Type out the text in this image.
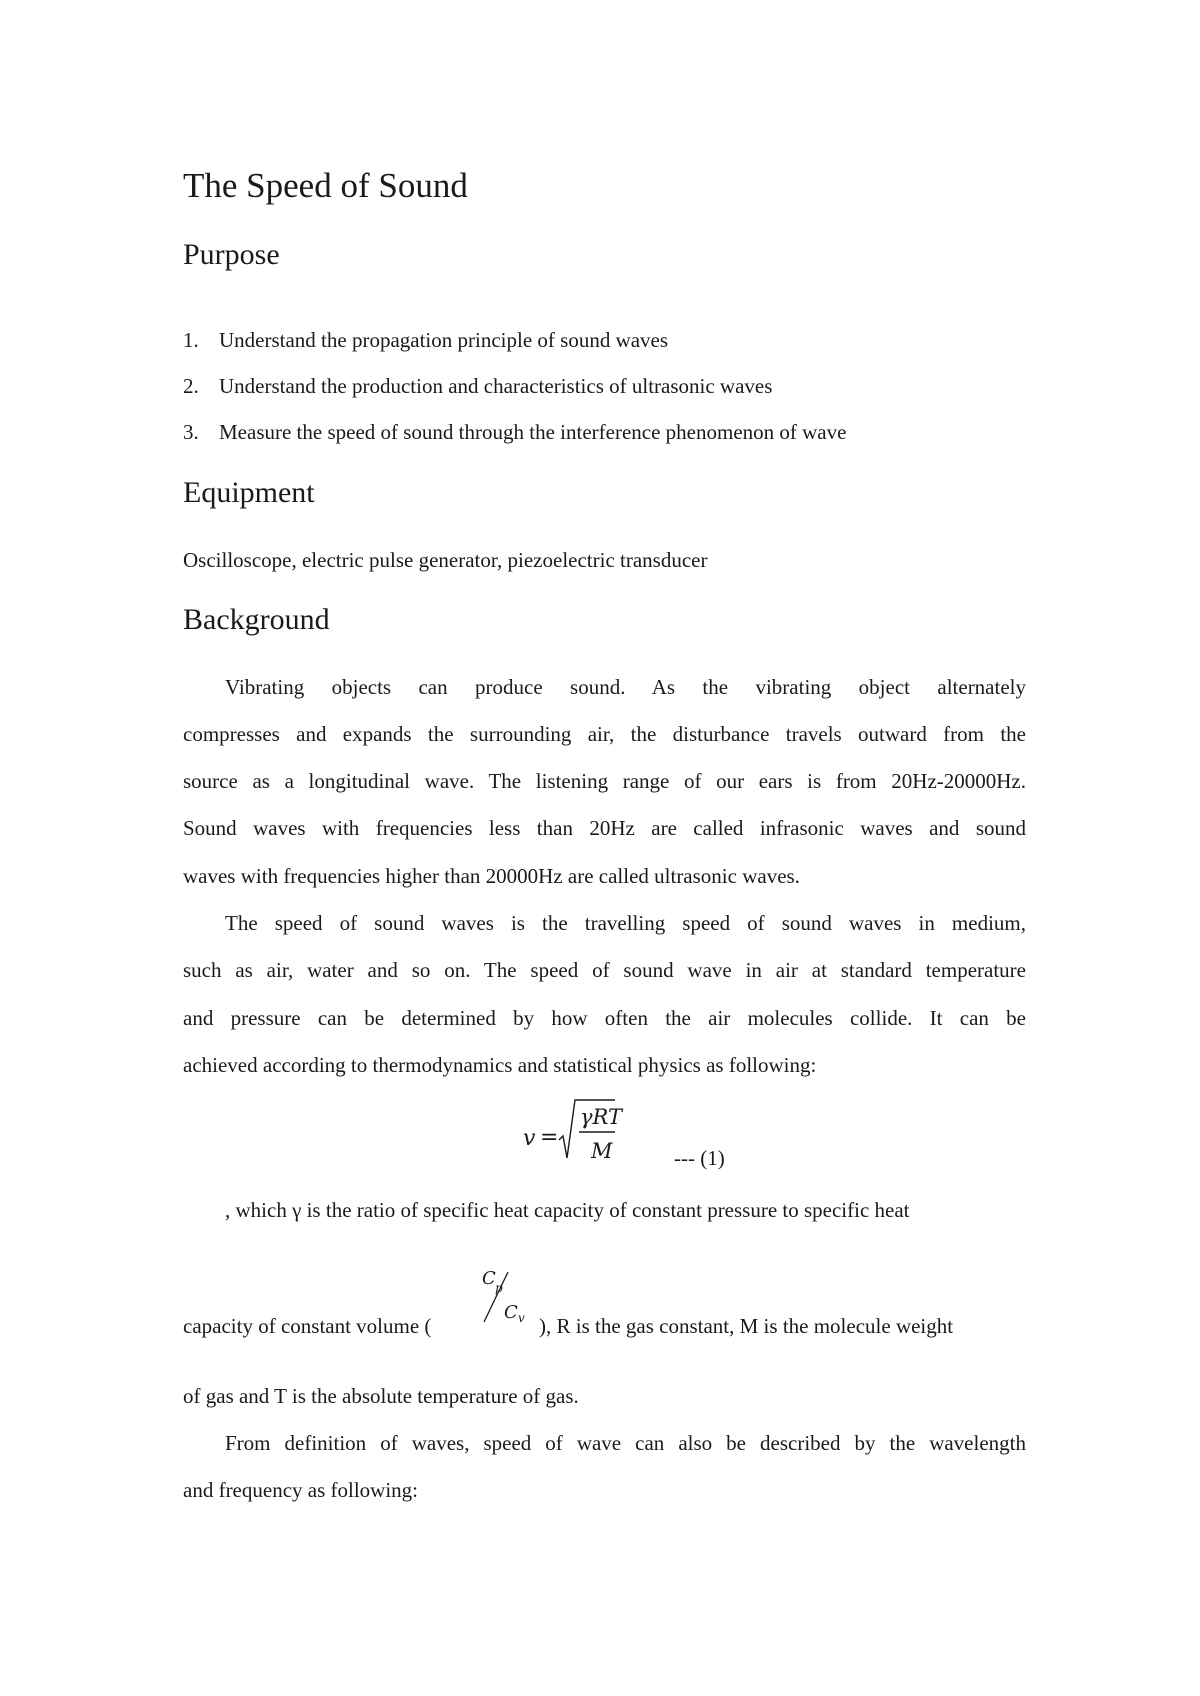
The Speed of Sound
Purpose
1. Understand the propagation principle of sound waves
2. Understand the production and characteristics of ultrasonic waves
3. Measure the speed of sound through the interference phenomenon of wave
Equipment
Oscilloscope, electric pulse generator, piezoelectric transducer
Background
Vibrating objects can produce sound. As the vibrating object alternately
compresses and expands the surrounding air, the disturbance travels outward from the
source as a longitudinal wave. The listening range of our ears is from 20Hz-20000Hz.
Sound waves with frequencies less than 20Hz are called infrasonic waves and sound
waves with frequencies higher than 20000Hz are called ultrasonic waves.
The speed of sound waves is the travelling speed of sound waves in medium,
such as air, water and so on. The speed of sound wave in air at standard temperature
and pressure can be determined by how often the air molecules collide. It can be
achieved according to thermodynamics and statistical physics as following:
v =
γRT
M	--- (1)
, which γ is the ratio of specific heat capacity of constant pressure to specific heat
capacity of constant volume (
C p
C v ), R is the gas constant, M is the molecule weight
of gas and T is the absolute temperature of gas.
From definition of waves, speed of wave can also be described by the wavelength
and frequency as following:
